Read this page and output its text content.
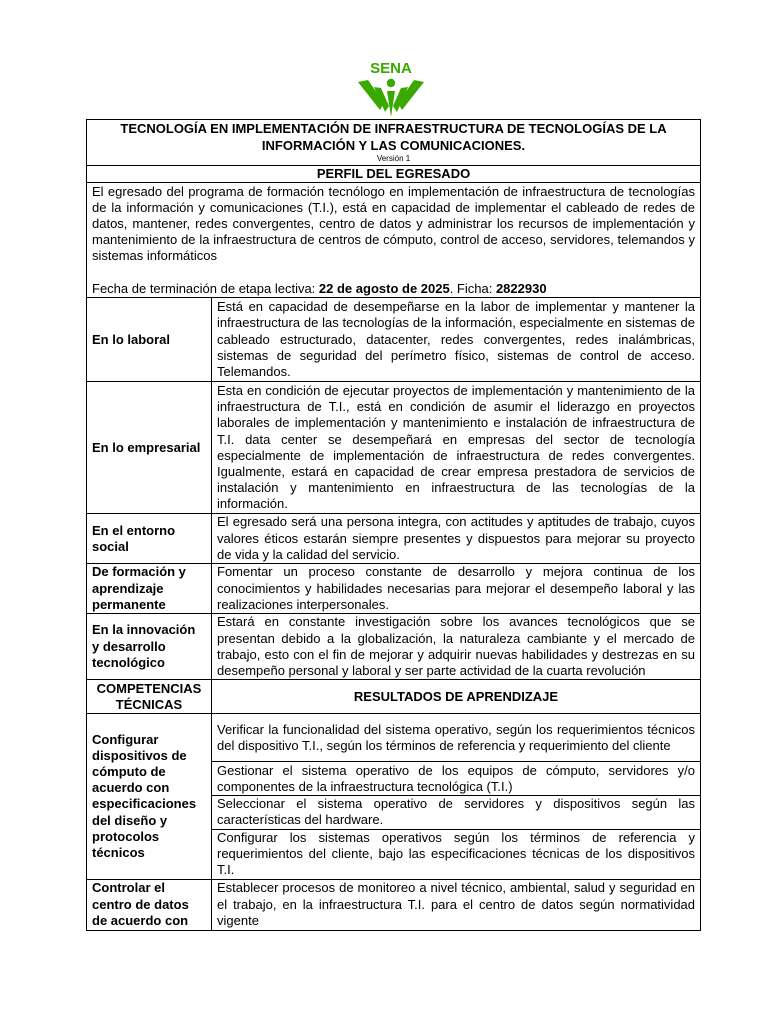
SENA
TECNOLOGÍA EN IMPLEMENTACIÓN DE INFRAESTRUCTURA DE TECNOLOGÍAS DE LA INFORMACIÓN Y LAS COMUNICACIONES.
Versión 1	

PERFIL DEL EGRESADO	

El egresado del programa de formación tecnólogo en implementación de infraestructura de tecnologías de la información y comunicaciones (T.I.), está en capacidad de implementar el cableado de redes de datos, mantener, redes convergentes, centro de datos y administrar los recursos de implementación y mantenimiento de la infraestructura de centros de cómputo, control de acceso, servidores, telemandos y sistemas informáticos
Fecha de terminación de etapa lectiva: 22 de agosto de 2025. Ficha: 2822930	

En lo laboral	Está en capacidad de desempeñarse en la labor de implementar y mantener la infraestructura de las tecnologías de la información, especialmente en sistemas de cableado estructurado, datacenter, redes convergentes, redes inalámbricas, sistemas de seguridad del perímetro físico, sistemas de control de acceso. Telemandos.
En lo empresarial	Esta en condición de ejecutar proyectos de implementación y mantenimiento de la infraestructura de T.I., está en condición de asumir el liderazgo en proyectos laborales de implementación y mantenimiento e instalación de infraestructura de T.I. data center se desempeñará en empresas del sector de tecnología especialmente de implementación de infraestructura de redes convergentes. Igualmente, estará en capacidad de crear empresa prestadora de servicios de instalación y mantenimiento en infraestructura de las tecnologías de la información.
En el entorno social	El egresado será una persona integra, con actitudes y aptitudes de trabajo, cuyos valores éticos estarán siempre presentes y dispuestos para mejorar su proyecto de vida y la calidad del servicio.
De formación y aprendizaje permanente	Fomentar un proceso constante de desarrollo y mejora continua de los conocimientos y habilidades necesarias para mejorar el desempeño laboral y las realizaciones interpersonales.
En la innovación y desarrollo tecnológico	Estará en constante investigación sobre los avances tecnológicos que se presentan debido a la globalización, la naturaleza cambiante y el mercado de trabajo, esto con el fin de mejorar y adquirir nuevas habilidades y destrezas en su desempeño personal y laboral y ser parte actividad de la cuarta revolución
COMPETENCIAS TÉCNICAS	RESULTADOS DE APRENDIZAJE
Configurar dispositivos de cómputo de acuerdo con especificaciones del diseño y protocolos técnicos	Verificar la funcionalidad del sistema operativo, según los requerimientos técnicos del dispositivo T.I., según los términos de referencia y requerimiento del cliente
	Gestionar el sistema operativo de los equipos de cómputo, servidores y/o componentes de la infraestructura tecnológica (T.I.)
	Seleccionar el sistema operativo de servidores y dispositivos según las características del hardware.
	Configurar los sistemas operativos según los términos de referencia y requerimientos del cliente, bajo las especificaciones técnicas de los dispositivos T.I.
Controlar el centro de datos de acuerdo con	Establecer procesos de monitoreo a nivel técnico, ambiental, salud y seguridad en el trabajo, en la infraestructura T.I. para el centro de datos según normatividad vigente
